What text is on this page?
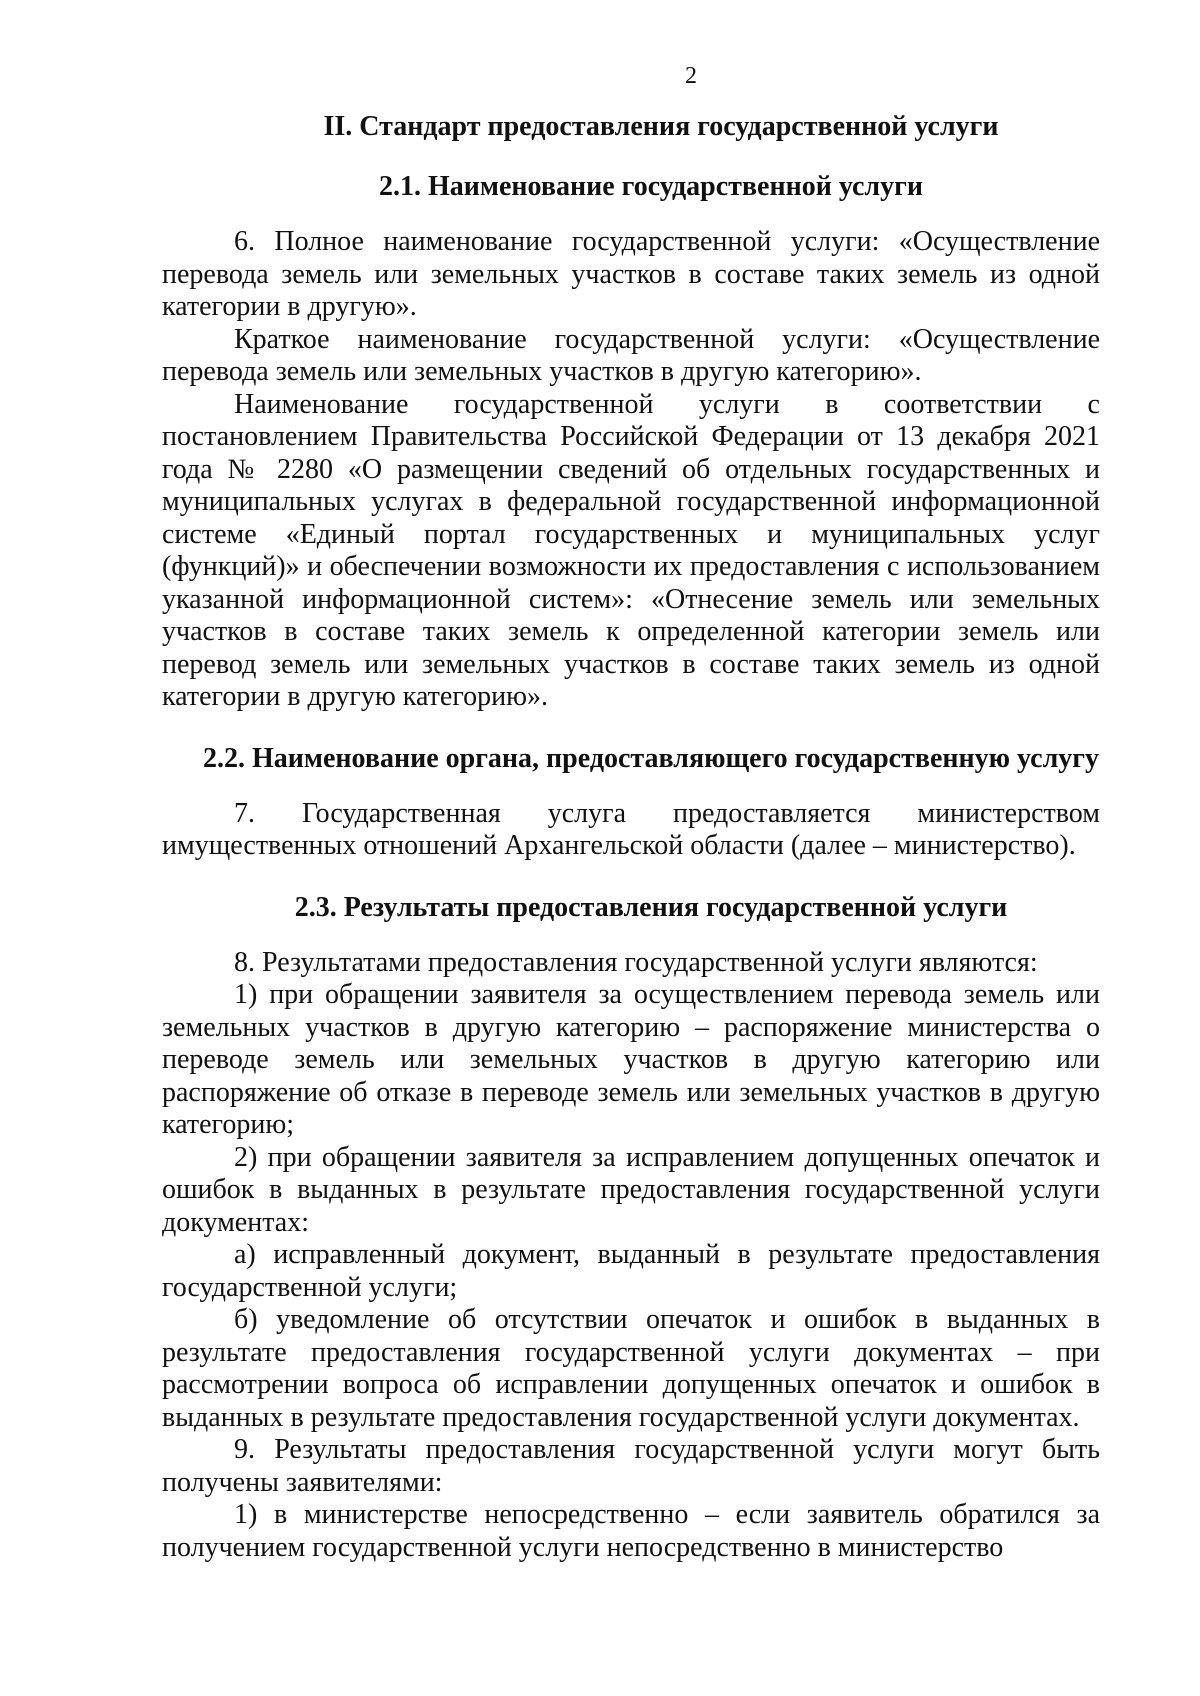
2
II. Стандарт предоставления государственной услуги
2.1. Наименование государственной услуги

6. Полное наименование государственной услуги: «Осуществление перевода земель или земельных участков в составе таких земель из одной категории в другую».

Краткое наименование государственной услуги: «Осуществление перевода земель или земельных участков в другую категорию».

Наименование государственной услуги в соответствии с постановлением Правительства Российской Федерации от 13 декабря 2021 года № 2280 «О размещении сведений об отдельных государственных и муниципальных услугах в федеральной государственной информационной системе «Единый портал государственных и муниципальных услуг (функций)» и обеспечении возможности их предоставления с использованием указанной информационной систем»: «Отнесение земель или земельных участков в составе таких земель к определенной категории земель или перевод земель или земельных участков в составе таких земель из одной категории в другую категорию».

2.2. Наименование органа, предоставляющего государственную услугу

7. Государственная услуга предоставляется министерством имущественных отношений Архангельской области (далее – министерство).

2.3. Результаты предоставления государственной услуги

8. Результатами предоставления государственной услуги являются:

1) при обращении заявителя за осуществлением перевода земель или земельных участков в другую категорию – распоряжение министерства о переводе земель или земельных участков в другую категорию или распоряжение об отказе в переводе земель или земельных участков в другую категорию;

2) при обращении заявителя за исправлением допущенных опечаток и ошибок в выданных в результате предоставления государственной услуги документах:

а) исправленный документ, выданный в результате предоставления государственной услуги;

б) уведомление об отсутствии опечаток и ошибок в выданных в результате предоставления государственной услуги документах – при рассмотрении вопроса об исправлении допущенных опечаток и ошибок в выданных в результате предоставления государственной услуги документах.

9. Результаты предоставления государственной услуги могут быть получены заявителями:

1) в министерстве непосредственно – если заявитель обратился за получением государственной услуги непосредственно в министерство
